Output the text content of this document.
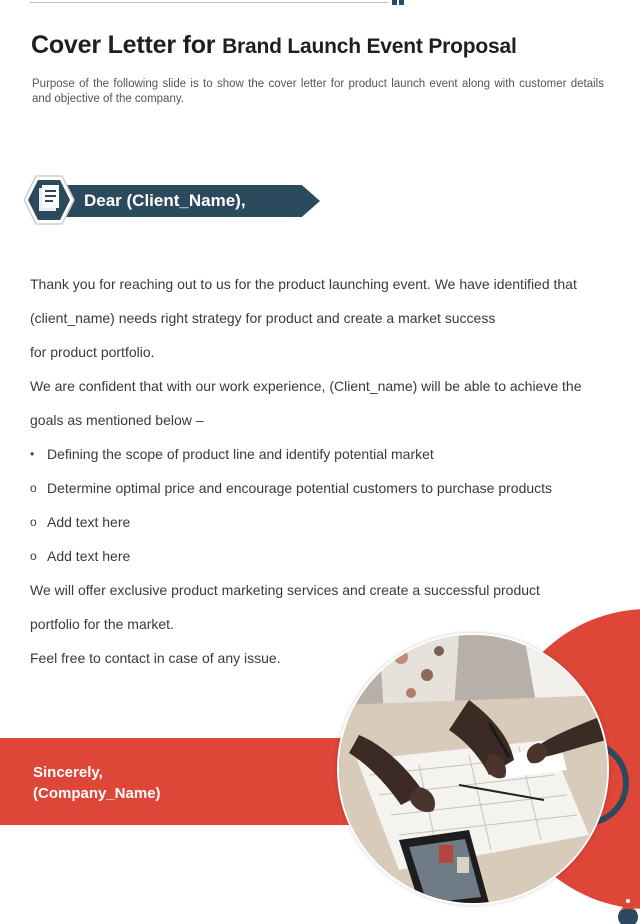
Cover Letter for Brand Launch Event Proposal

Purpose of the following slide is to show the cover letter for product launch event along with customer details and objective of the company.

Dear (Client_Name),

Thank you for reaching out to us for the product launching event. We have identified that

(client_name) needs right strategy for product and create a market success

for product portfolio.

We are confident that with our work experience, (Client_name) will be able to achieve the

goals as mentioned below –

• Defining the scope of product line and identify potential market

o Determine optimal price and encourage potential customers to purchase products

o Add text here

o Add text here

We will offer exclusive product marketing services and create a successful product

portfolio for the market.

Feel free to contact in case of any issue.

Sincerely,
(Company_Name)
